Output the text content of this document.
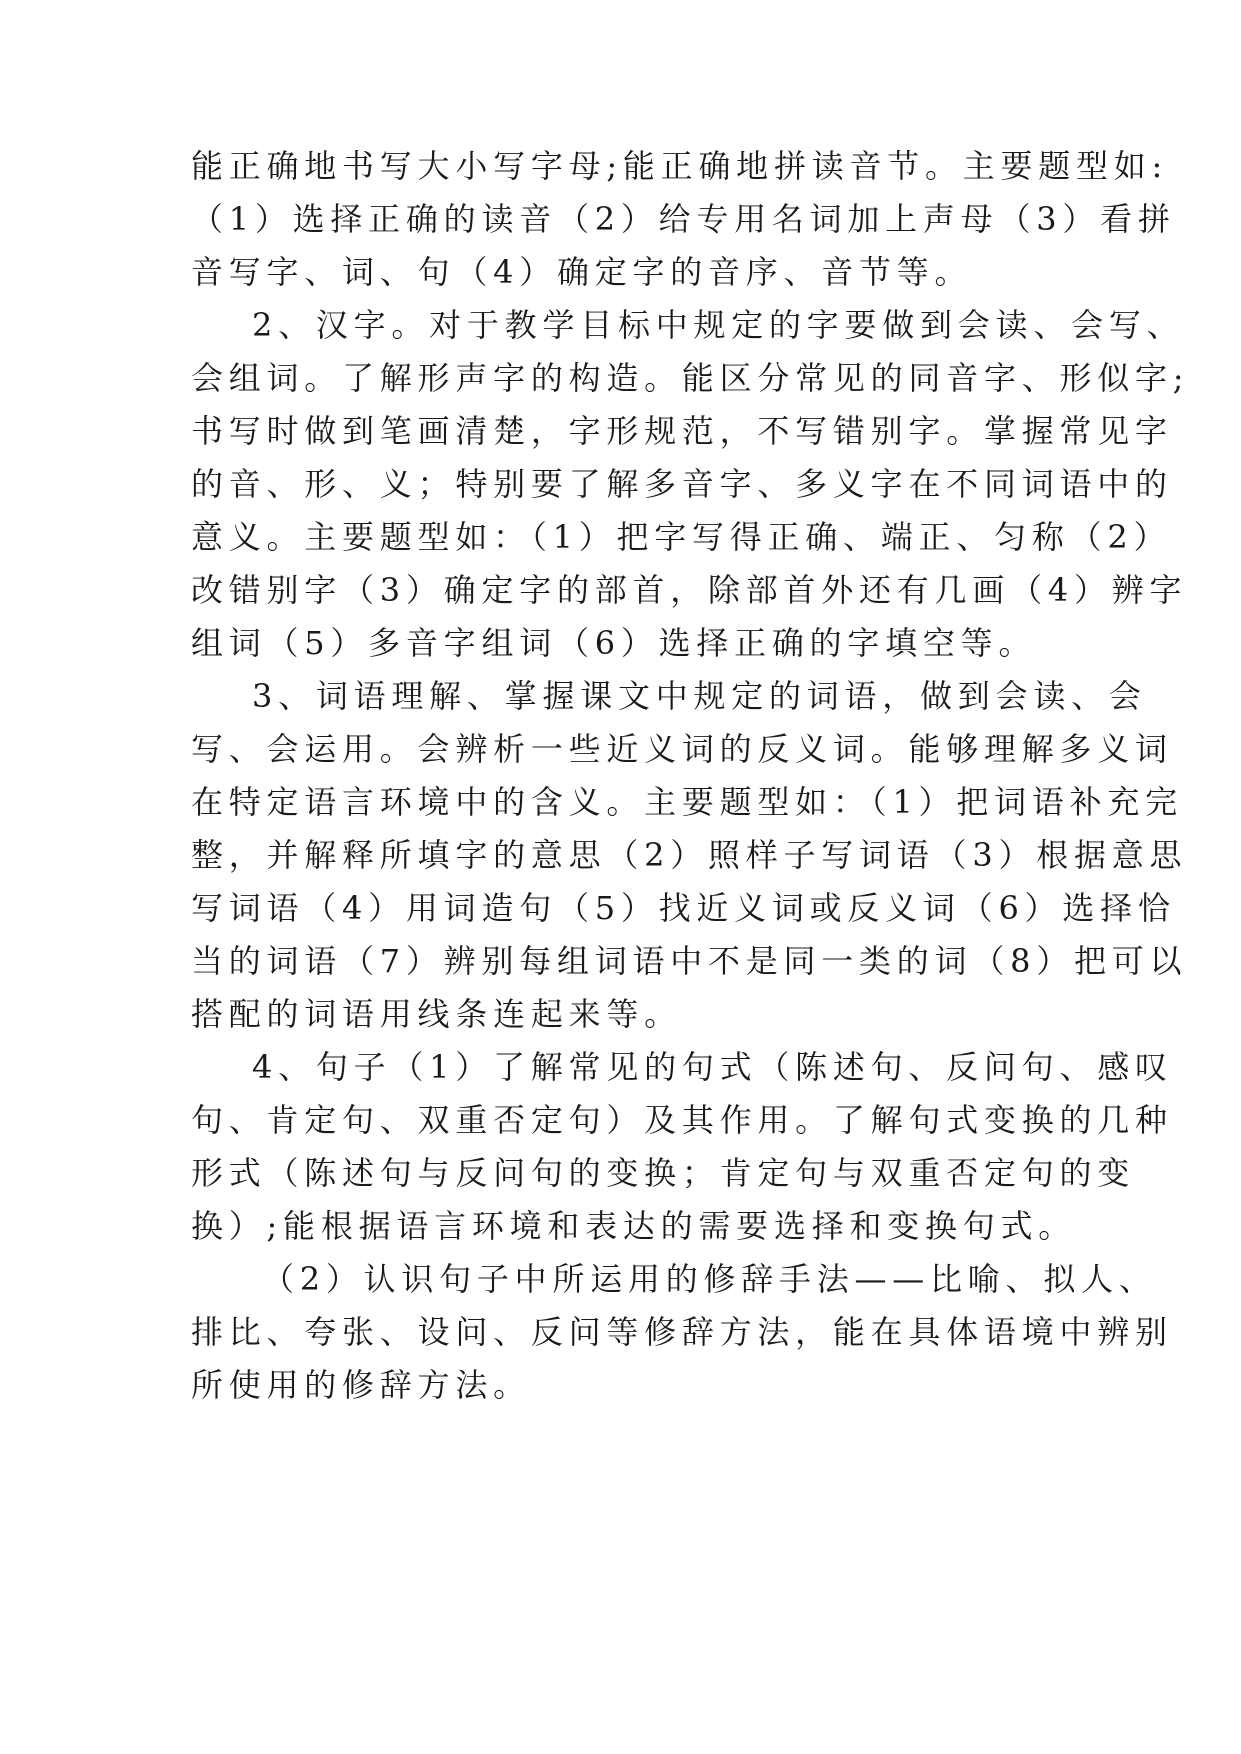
能正确地书写大小写字母;能正确地拼读音节。主要题型如:
（1）选择正确的读音（2）给专用名词加上声母（3）看拼
音写字、词、句（4）确定字的音序、音节等。
2、汉字。对于教学目标中规定的字要做到会读、会写、
会组词。了解形声字的构造。能区分常见的同音字、形似字;
书写时做到笔画清楚，字形规范，不写错别字。掌握常见字
的音、形、义；特别要了解多音字、多义字在不同词语中的
意义。主要题型如：（1）把字写得正确、端正、匀称（2）
改错别字（3）确定字的部首，除部首外还有几画（4）辨字
组词（5）多音字组词（6）选择正确的字填空等。
3、词语理解、掌握课文中规定的词语，做到会读、会
写、会运用。会辨析一些近义词的反义词。能够理解多义词
在特定语言环境中的含义。主要题型如：（1）把词语补充完
整，并解释所填字的意思（2）照样子写词语（3）根据意思
写词语（4）用词造句（5）找近义词或反义词（6）选择恰
当的词语（7）辨别每组词语中不是同一类的词（8）把可以
搭配的词语用线条连起来等。
4、句子（1）了解常见的句式（陈述句、反问句、感叹
句、肯定句、双重否定句）及其作用。了解句式变换的几种
形式（陈述句与反问句的变换；肯定句与双重否定句的变
换）;能根据语言环境和表达的需要选择和变换句式。
（2）认识句子中所运用的修辞手法——比喻、拟人、
排比、夸张、设问、反问等修辞方法，能在具体语境中辨别
所使用的修辞方法。
